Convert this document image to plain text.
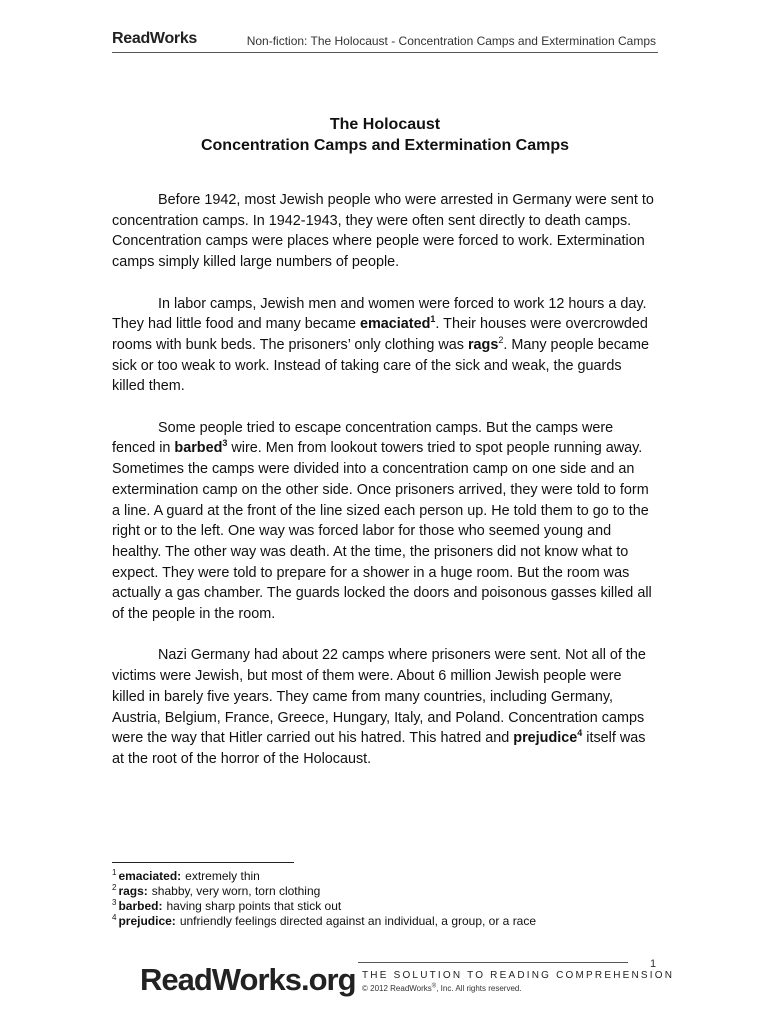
ReadWorks	Non-fiction: The Holocaust - Concentration Camps and Extermination Camps
The Holocaust
Concentration Camps and Extermination Camps

Before 1942, most Jewish people who were arrested in Germany were sent to concentration camps. In 1942-1943, they were often sent directly to death camps. Concentration camps were places where people were forced to work. Extermination camps simply killed large numbers of people.

In labor camps, Jewish men and women were forced to work 12 hours a day. They had little food and many became emaciated$^1$. Their houses were overcrowded rooms with bunk beds. The prisoners’ only clothing was rags$^2$. Many people became sick or too weak to work. Instead of taking care of the sick and weak, the guards killed them.

Some people tried to escape concentration camps. But the camps were fenced in barbed$^3$ wire. Men from lookout towers tried to spot people running away. Sometimes the camps were divided into a concentration camp on one side and an extermination camp on the other side. Once prisoners arrived, they were told to form a line. A guard at the front of the line sized each person up. He told them to go to the right or to the left. One way was forced labor for those who seemed young and healthy. The other way was death. At the time, the prisoners did not know what to expect. They were told to prepare for a shower in a huge room. But the room was actually a gas chamber. The guards locked the doors and poisonous gasses killed all of the people in the room.

Nazi Germany had about 22 camps where prisoners were sent. Not all of the victims were Jewish, but most of them were. About 6 million Jewish people were killed in barely five years. They came from many countries, including Germany, Austria, Belgium, France, Greece, Hungary, Italy, and Poland. Concentration camps were the way that Hitler carried out his hatred. This hatred and prejudice$^4$ itself was at the root of the horror of the Holocaust.

$^1$ emaciated: extremely thin
$^2$ rags: shabby, very worn, torn clothing
$^3$ barbed: having sharp points that stick out
$^4$ prejudice: unfriendly feelings directed against an individual, a group, or a race
1
ReadWorks.org THE SOLUTION TO READING COMPREHENSION
© 2012 ReadWorks®, Inc. All rights reserved.
